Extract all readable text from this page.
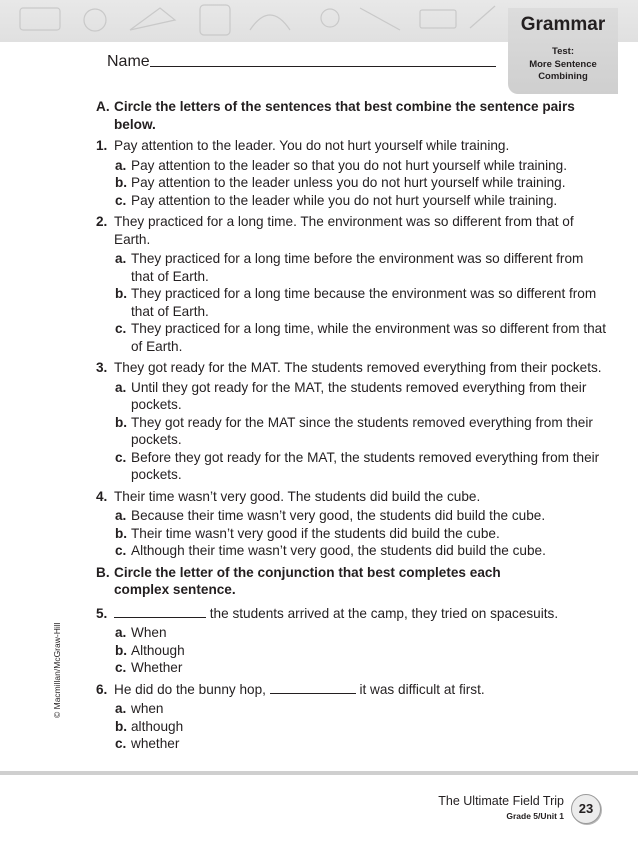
Grammar
Test:
More Sentence
Combining
Name
A. Circle the letters of the sentences that best combine the sentence pairs below.
1. Pay attention to the leader. You do not hurt yourself while training.
a. Pay attention to the leader so that you do not hurt yourself while training.
b. Pay attention to the leader unless you do not hurt yourself while training.
c. Pay attention to the leader while you do not hurt yourself while training.
2. They practiced for a long time. The environment was so different from that of Earth.
a. They practiced for a long time before the environment was so different from that of Earth.
b. They practiced for a long time because the environment was so different from that of Earth.
c. They practiced for a long time, while the environment was so different from that of Earth.
3. They got ready for the MAT. The students removed everything from their pockets.
a. Until they got ready for the MAT, the students removed everything from their pockets.
b. They got ready for the MAT since the students removed everything from their pockets.
c. Before they got ready for the MAT, the students removed everything from their pockets.
4. Their time wasn’t very good. The students did build the cube.
a. Because their time wasn’t very good, the students did build the cube.
b. Their time wasn’t very good if the students did build the cube.
c. Although their time wasn’t very good, the students did build the cube.
B. Circle the letter of the conjunction that best completes each
complex sentence.
5.	the students arrived at the camp, they tried on spacesuits.
a. When
b. Although
c. Whether
6. He did do the bunny hop,	it was difficult at first.
a. when
b. although
c. whether
© Macmillan/McGraw-Hill
The Ultimate Field Trip
Grade 5/Unit 1	23
